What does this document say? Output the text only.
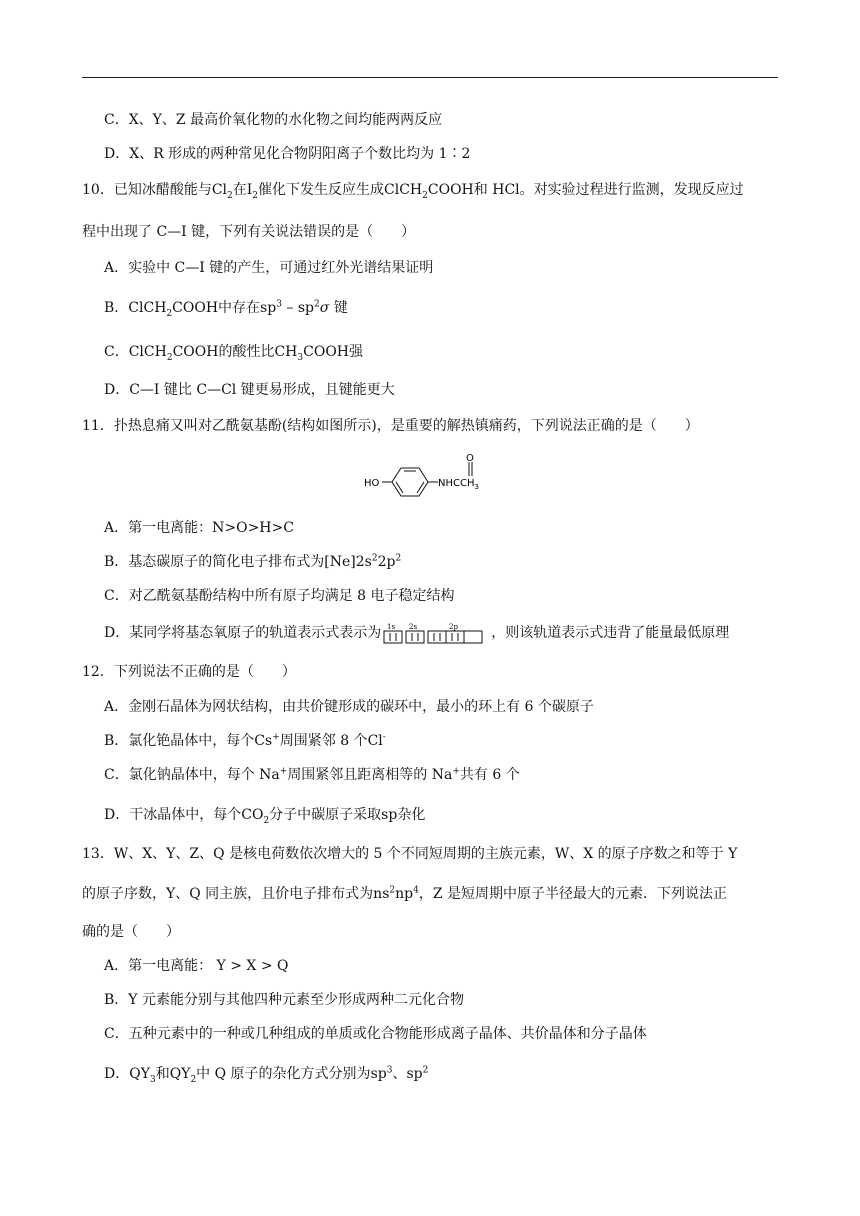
C．X、Y、Z 最高价氧化物的水化物之间均能两两反应
D．X、R 形成的两种常见化合物阴阳离子个数比均为 1∶2
10．已知冰醋酸能与$Cl_2$在$I_2$催化下发生反应生成ClCH$_2$COOH和 HCl。对实验过程进行监测，发现反应过
程中出现了 C—I 键，下列有关说法错误的是（　　）
A．实验中 C—I 键的产生，可通过红外光谱结果证明
B．ClCH$_2$COOH中存在$sp^3 - sp^2\sigma$ 键
C．ClCH$_2$COOH的酸性比$CH_3COOH$强
D．C—I 键比 C—Cl 键更易形成，且键能更大
11．扑热息痛又叫对乙酰氨基酚(结构如图所示)，是重要的解热镇痛药，下列说法正确的是（　　）
HO	$NHCCH_3$
O
A．第一电离能：N>O>H>C
B．基态碳原子的简化电子排布式为$[Ne]2s^22p^2$
C．对乙酰氨基酚结构中所有原子均满足 8 电子稳定结构
D．某同学将基态氧原子的轨道表示式表示为 1s 2s	2p ，则该轨道表示式违背了能量最低原理
12．下列说法不正确的是（　　）
A．金刚石晶体为网状结构，由共价键形成的碳环中，最小的环上有 6 个碳原子
B．氯化铯晶体中，每个Cs+周围紧邻 8 个Cl-
C．氯化钠晶体中，每个 Na+周围紧邻且距离相等的 Na+共有 6 个
D．干冰晶体中，每个$CO_2$分子中碳原子采取sp杂化
13．W、X、Y、Z、Q 是核电荷数依次增大的 5 个不同短周期的主族元素，W、X 的原子序数之和等于 Y
的原子序数，Y、Q 同主族，且价电子排布式为$ns^2np^4$，Z 是短周期中原子半径最大的元素．下列说法正
确的是（　　）
A．第一电离能： Y > X > Q
B．Y 元素能分别与其他四种元素至少形成两种二元化合物
C．五种元素中的一种或几种组成的单质或化合物能形成离子晶体、共价晶体和分子晶体
D．$QY_3$和$QY_2$中 Q 原子的杂化方式分别为$sp^3$、$sp^2$
